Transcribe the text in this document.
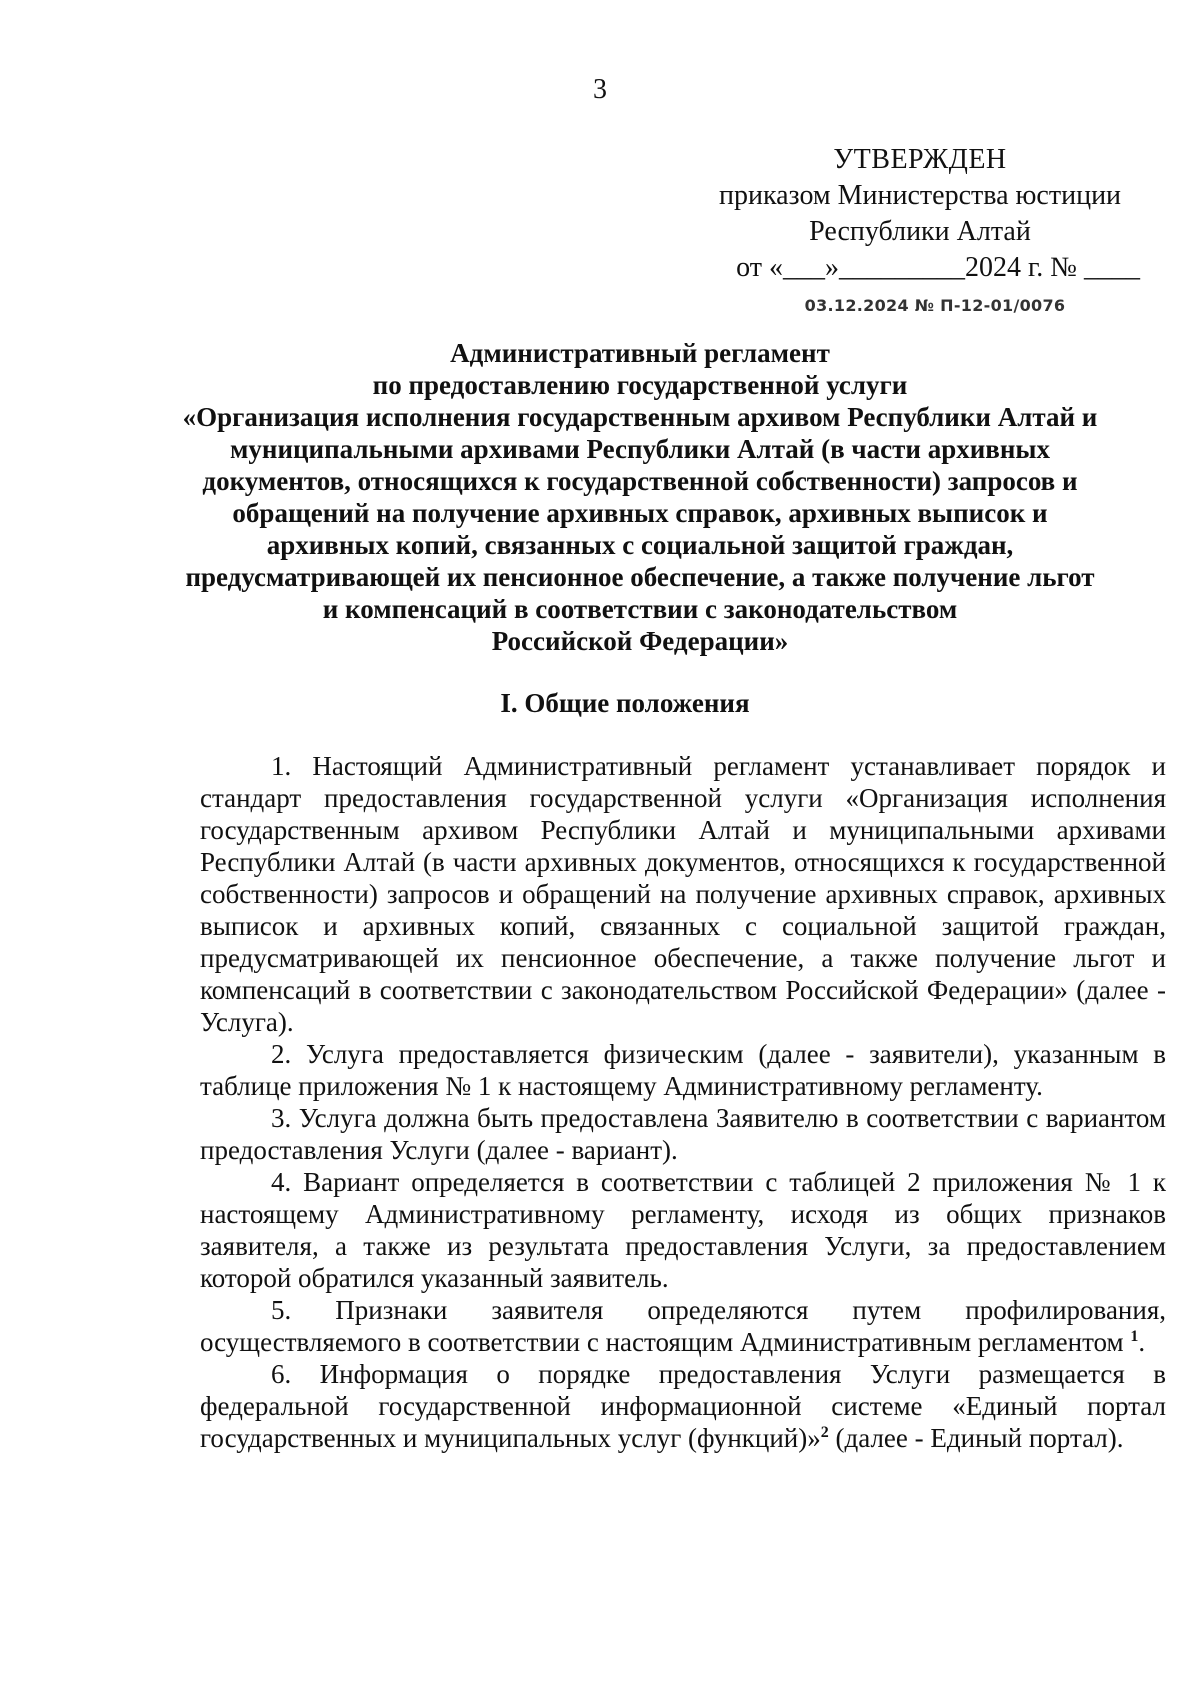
3
УТВЕРЖДЕН
приказом Министерства юстиции
Республики Алтай
от «___»_________2024 г. № ____
03.12.2024 № П-12-01/0076
Административный регламент
по предоставлению государственной услуги
«Организация исполнения государственным архивом Республики Алтай и
муниципальными архивами Республики Алтай (в части архивных
документов, относящихся к государственной собственности) запросов и
обращений на получение архивных справок, архивных выписок и
архивных копий, связанных с социальной защитой граждан,
предусматривающей их пенсионное обеспечение, а также получение льгот
и компенсаций в соответствии с законодательством
Российской Федерации»
I. Общие положения

1. Настоящий Административный регламент устанавливает порядок и стандарт предоставления государственной услуги «Организация исполнения государственным архивом Республики Алтай и муниципальными архивами Республики Алтай (в части архивных документов, относящихся к государственной собственности) запросов и обращений на получение архивных справок, архивных выписок и архивных копий, связанных с социальной защитой граждан, предусматривающей их пенсионное обеспечение, а также получение льгот и компенсаций в соответствии с законодательством Российской Федерации» (далее - Услуга).

2. Услуга предоставляется физическим (далее - заявители), указанным в таблице приложения № 1 к настоящему Административному регламенту.

3. Услуга должна быть предоставлена Заявителю в соответствии с вариантом предоставления Услуги (далее - вариант).

4. Вариант определяется в соответствии с таблицей 2 приложения № 1 к настоящему Административному регламенту, исходя из общих признаков заявителя, а также из результата предоставления Услуги, за предоставлением которой обратился указанный заявитель.

5. Признаки заявителя определяются путем профилирования, осуществляемого в соответствии с настоящим Административным регламентом $^1$.

6. Информация о порядке предоставления Услуги размещается в федеральной государственной информационной системе «Единый портал государственных и муниципальных услуг (функций)»$^2$ (далее - Единый портал).
